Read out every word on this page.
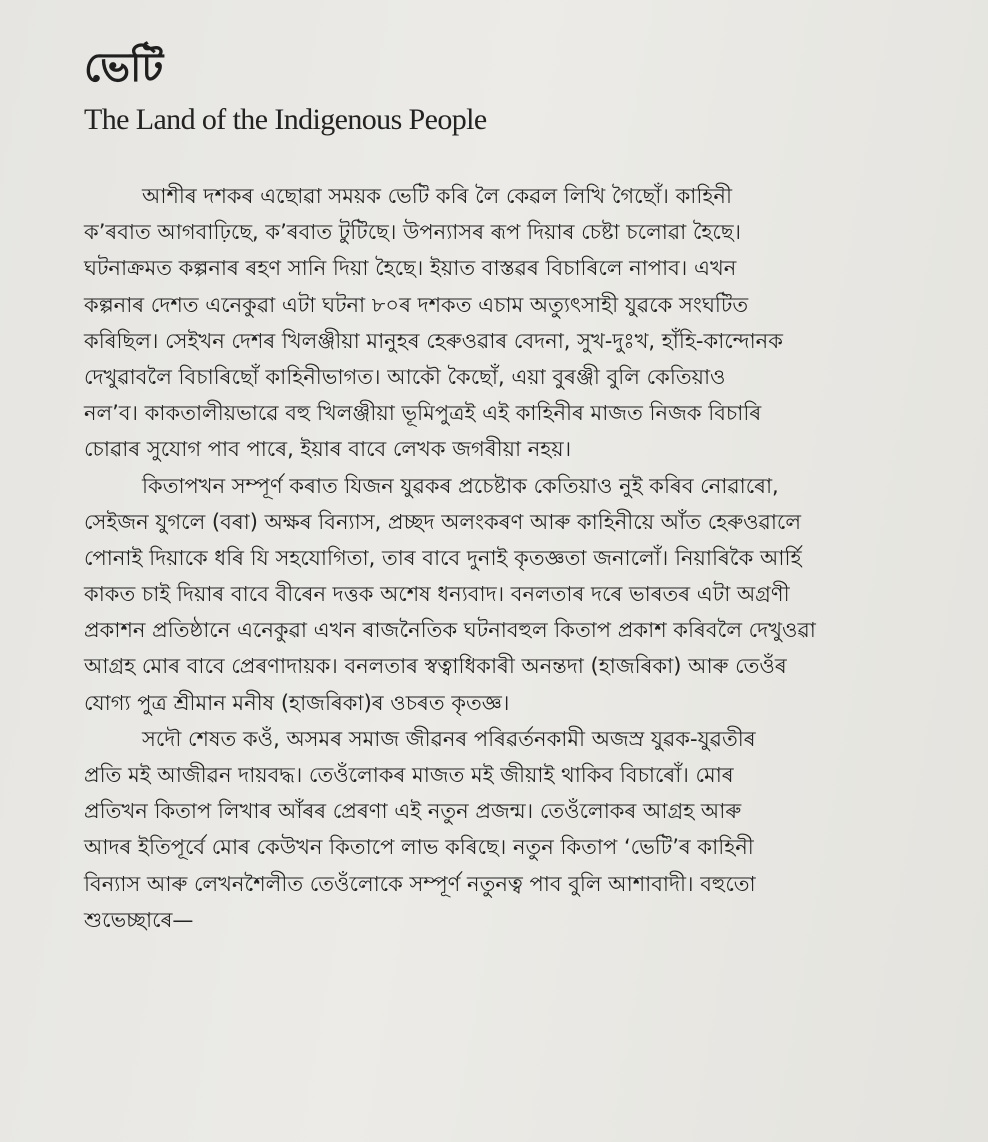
ভেটি
The Land of the Indigenous People
আশীৰ দশকৰ এছোৱা সময়ক ভেটি কৰি লৈ কেৱল লিখি গৈছোঁ। কাহিনী
ক’ৰবাত আগবাঢ়িছে, ক’ৰবাত টুটিছে। উপন্যাসৰ ৰূপ দিয়াৰ চেষ্টা চলোৱা হৈছে।
ঘটনাক্ৰমত কল্পনাৰ ৰহণ সানি দিয়া হৈছে। ইয়াত বাস্তৱৰ বিচাৰিলে নাপাব। এখন
কল্পনাৰ দেশত এনেকুৱা এটা ঘটনা ৮০ৰ দশকত এচাম অত্যুৎসাহী যুৱকে সংঘটিত
কৰিছিল। সেইখন দেশৰ খিলঞ্জীয়া মানুহৰ হেৰুওৱাৰ বেদনা, সুখ-দুঃখ, হাঁহি-কান্দোনক
দেখুৱাবলৈ বিচাৰিছোঁ কাহিনীভাগত। আকৌ কৈছোঁ, এয়া বুৰঞ্জী বুলি কেতিয়াও
নল’ব। কাকতালীয়ভাৱে বহু খিলঞ্জীয়া ভূমিপুত্ৰই এই কাহিনীৰ মাজত নিজক বিচাৰি
চোৱাৰ সুযোগ পাব পাৰে, ইয়াৰ বাবে লেখক জগৰীয়া নহয়।
কিতাপখন সম্পূৰ্ণ কৰাত যিজন যুৱকৰ প্ৰচেষ্টাক কেতিয়াও নুই কৰিব নোৱাৰো,
সেইজন যুগলে (বৰা) অক্ষৰ বিন্যাস, প্ৰচ্ছদ অলংকৰণ আৰু কাহিনীয়ে আঁত হেৰুওৱালে
পোনাই দিয়াকে ধৰি যি সহযোগিতা, তাৰ বাবে দুনাই কৃতজ্ঞতা জনালোঁ। নিয়াৰিকৈ আৰ্হি
কাকত চাই দিয়াৰ বাবে বীৰেন দত্তক অশেষ ধন্যবাদ। বনলতাৰ দৰে ভাৰতৰ এটা অগ্ৰণী
প্ৰকাশন প্ৰতিষ্ঠানে এনেকুৱা এখন ৰাজনৈতিক ঘটনাবহুল কিতাপ প্ৰকাশ কৰিবলৈ দেখুওৱা
আগ্ৰহ মোৰ বাবে প্ৰেৰণাদায়ক। বনলতাৰ স্বত্বাধিকাৰী অনন্তদা (হাজৰিকা) আৰু তেওঁৰ
যোগ্য পুত্ৰ শ্ৰীমান মনীষ (হাজৰিকা)ৰ ওচৰত কৃতজ্ঞ।
সদৌ শেষত কওঁ, অসমৰ সমাজ জীৱনৰ পৰিৱৰ্তনকামী অজস্ৰ যুৱক-যুৱতীৰ
প্ৰতি মই আজীৱন দায়বদ্ধ। তেওঁলোকৰ মাজত মই জীয়াই থাকিব বিচাৰোঁ। মোৰ
প্ৰতিখন কিতাপ লিখাৰ আঁৰৰ প্ৰেৰণা এই নতুন প্ৰজন্ম। তেওঁলোকৰ আগ্ৰহ আৰু
আদৰ ইতিপূৰ্বে মোৰ কেউখন কিতাপে লাভ কৰিছে। নতুন কিতাপ ‘ভেটি’ৰ কাহিনী
বিন্যাস আৰু লেখনশৈলীত তেওঁলোকে সম্পূৰ্ণ নতুনত্ব পাব বুলি আশাবাদী। বহুতো
শুভেচ্ছাৰে—
